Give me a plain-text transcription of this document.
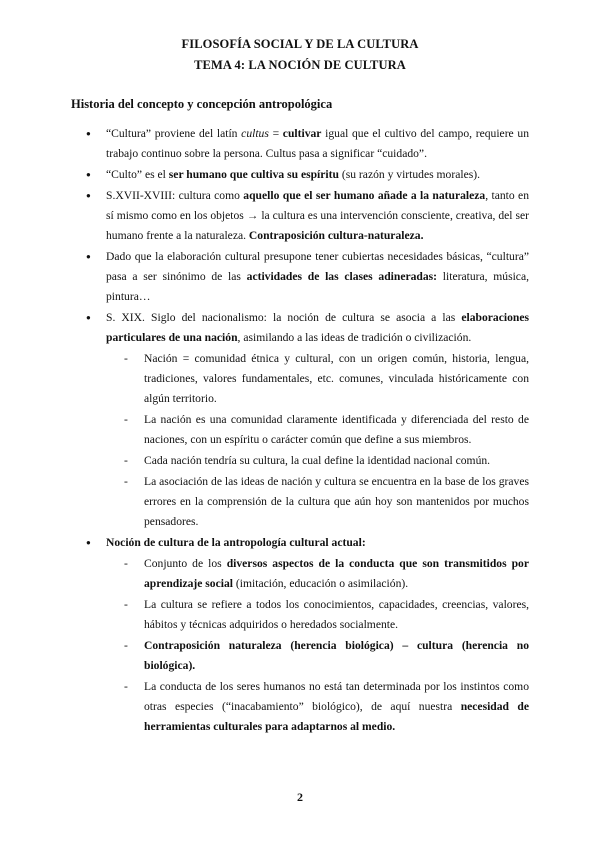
FILOSOFÍA SOCIAL Y DE LA CULTURA
TEMA 4: LA NOCIÓN DE CULTURA
Historia del concepto y concepción antropológica
● “Cultura” proviene del latín cultus = cultivar igual que el cultivo del campo, requiere un trabajo continuo sobre la persona. Cultus pasa a significar “cuidado”.
● “Culto” es el ser humano que cultiva su espíritu (su razón y virtudes morales).
● S.XVII-XVIII: cultura como aquello que el ser humano añade a la naturaleza, tanto en sí mismo como en los objetos → la cultura es una intervención consciente, creativa, del ser humano frente a la naturaleza. Contraposición cultura-naturaleza.
● Dado que la elaboración cultural presupone tener cubiertas necesidades básicas, “cultura” pasa a ser sinónimo de las actividades de las clases adineradas: literatura, música, pintura…
● S. XIX. Siglo del nacionalismo: la noción de cultura se asocia a las elaboraciones particulares de una nación, asimilando a las ideas de tradición o civilización.
- Nación = comunidad étnica y cultural, con un origen común, historia, lengua, tradiciones, valores fundamentales, etc. comunes, vinculada históricamente con algún territorio.
- La nación es una comunidad claramente identificada y diferenciada del resto de naciones, con un espíritu o carácter común que define a sus miembros.
- Cada nación tendría su cultura, la cual define la identidad nacional común.
- La asociación de las ideas de nación y cultura se encuentra en la base de los graves errores en la comprensión de la cultura que aún hoy son mantenidos por muchos pensadores.
● Noción de cultura de la antropología cultural actual:
- Conjunto de los diversos aspectos de la conducta que son transmitidos por aprendizaje social (imitación, educación o asimilación).
- La cultura se refiere a todos los conocimientos, capacidades, creencias, valores, hábitos y técnicas adquiridos o heredados socialmente.
- Contraposición naturaleza (herencia biológica) – cultura (herencia no biológica).
- La conducta de los seres humanos no está tan determinada por los instintos como otras especies (“inacabamiento” biológico), de aquí nuestra necesidad de herramientas culturales para adaptarnos al medio.
2
